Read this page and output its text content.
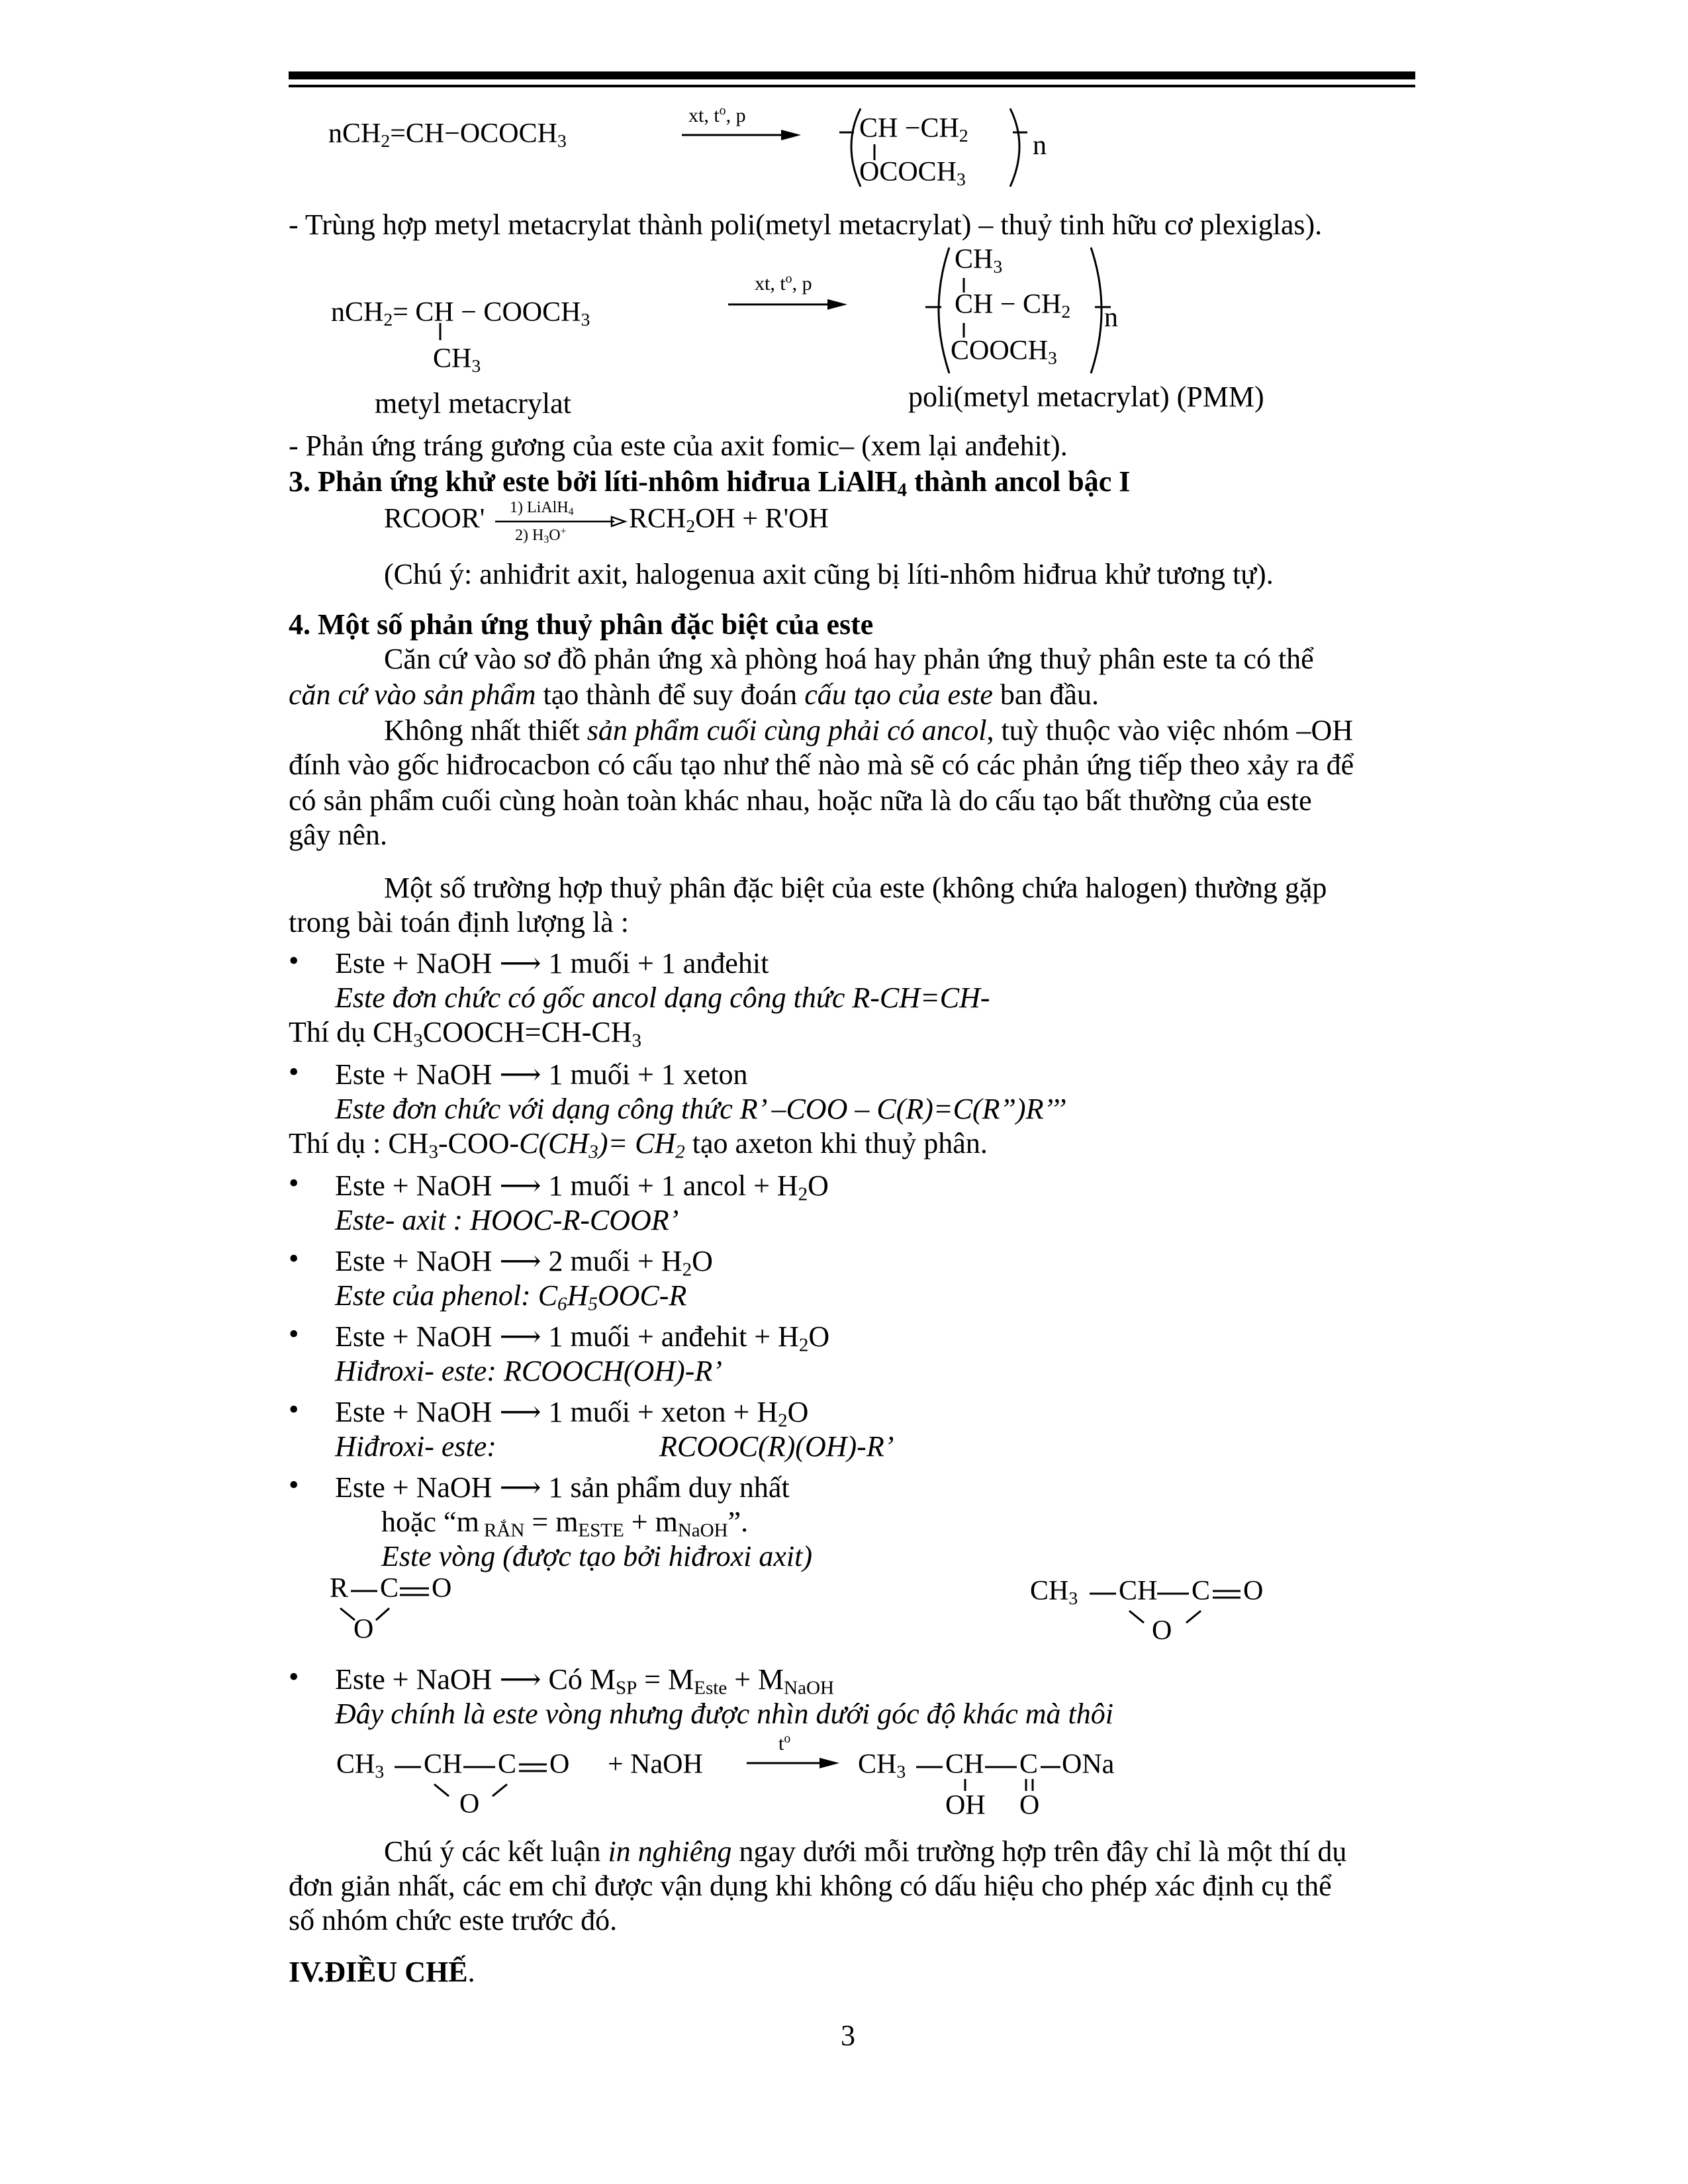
$nCH_2=CH-OCOCH_3$
xt, $t^o$, p	CH $-CH_2$
$OCOCH_3$
n
- Trùng hợp metyl metacrylat thành poli(metyl metacrylat) – thuỷ tinh hữu cơ plexiglas).
nCH$_2$= CH − $COOCH_3$
$CH_3$
xt, $t^o$, p
$CH_3$
CH − $CH_2$
$COOCH_3$
n
metyl metacrylat	poli(metyl metacrylat) (PMM)
- Phản ứng tráng gương của este của axit fomic– (xem lại anđehit).
3. Phản ứng khử este bởi líti-nhôm hiđrua LiAlH$_4$ thành ancol bậc I
RCOOR' 1) LiAlH$_4$
2) $H_3O^+$ $RCH_2OH + R'OH$
(Chú ý: anhiđrit axit, halogenua axit cũng bị líti-nhôm hiđrua khử tương tự).
4. Một số phản ứng thuỷ phân đặc biệt của este
Căn cứ vào sơ đồ phản ứng xà phòng hoá hay phản ứng thuỷ phân este ta có thể
căn cứ vào sản phẩm tạo thành để suy đoán cấu tạo của este ban đầu.
Không nhất thiết sản phẩm cuối cùng phải có ancol, tuỳ thuộc vào việc nhóm –OH
đính vào gốc hiđrocacbon có cấu tạo như thế nào mà sẽ có các phản ứng tiếp theo xảy ra để
có sản phẩm cuối cùng hoàn toàn khác nhau, hoặc nữa là do cấu tạo bất thường của este
gây nên.
Một số trường hợp thuỷ phân đặc biệt của este (không chứa halogen) thường gặp
trong bài toán định lượng là :
• Este + NaOH ⟶ 1 muối + 1 anđehit
Este đơn chức có gốc ancol dạng công thức R-CH=CH-
Thí dụ $CH_3COOCH=CH-CH_3$
• Este + NaOH ⟶ 1 muối + 1 xeton
Este đơn chức với dạng công thức R’ –COO – C(R)=C(R”)R’’’
Thí dụ : $CH_3-COO-C(CH_3)= CH_2$ tạo axeton khi thuỷ phân.
• Este + NaOH ⟶ 1 muối + 1 ancol + $H_2O$
Este- axit : HOOC-R-COOR’
• Este + NaOH ⟶ 2 muối + $H_2O$
Este của phenol: $C_6H_5OOC-R$
• Este + NaOH ⟶ 1 muối + anđehit + $H_2O$
Hiđroxi- este: RCOOCH(OH)-R’
• Este + NaOH ⟶ 1 muối + xeton + $H_2O$
Hiđroxi- este:	RCOOC(R)(OH)-R’
• Este + NaOH ⟶ 1 sản phẩm duy nhất
hoặc “m $_{RẮN} = m_{ESTE} + m_{NaOH}$”.
Este vòng (được tạo bởi hiđroxi axit)
R C O
O
$CH_3$ CH C O
O
• Este + NaOH ⟶ Có $M_{SP} = M_{Este} + M_{NaOH}$
Đây chính là este vòng nhưng được nhìn dưới góc độ khác mà thôi
$CH_3$ CH C O
O
+ NaOH
$t^o$
$CH_3$ CH C ONa
OH O
Chú ý các kết luận in nghiêng ngay dưới mỗi trường hợp trên đây chỉ là một thí dụ
đơn giản nhất, các em chỉ được vận dụng khi không có dấu hiệu cho phép xác định cụ thể
số nhóm chức este trước đó.
IV.ĐIỀU CHẾ.
3
